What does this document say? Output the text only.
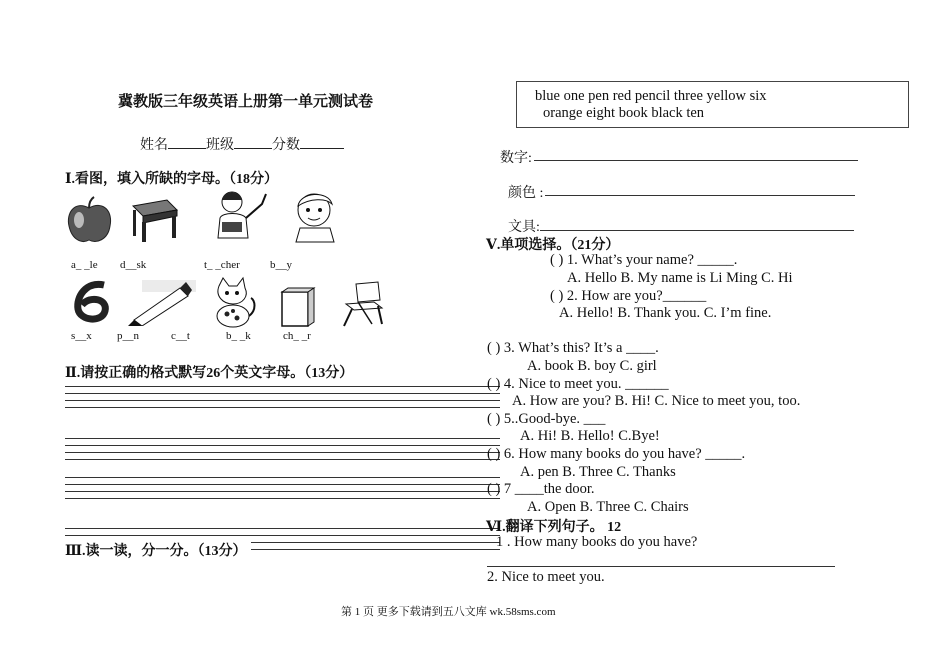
冀教版三年级英语上册第一单元测试卷
姓名	班级	分数
Ⅰ.看图，填入所缺的字母。（18分）
a_ _le d__sk	t_ _cher	b__y
s__x p__n	c__t	b_ _k	ch_ _r
Ⅱ.请按正确的格式默写26个英文字母。（13分）
Ⅲ.读一读，分一分。（13分）
blue one pen red pencil three yellow six
orange eight book black ten
数字:
颜色 :
文具:
Ⅴ.单项选择。（21分）
( ) 1. What’s your name? _____.
A. Hello B. My name is Li Ming C. Hi
( ) 2. How are you?______
A. Hello! B. Thank you. C. I’m fine.
( ) 3. What’s this? It’s a ____.
A. book B. boy C. girl
( ) 4. Nice to meet you. ______
A. How are you? B. Hi! C. Nice to meet you, too.
( ) 5..Good-bye. ___
A. Hi! B. Hello! C.Bye!
( ) 6. How many books do you have? _____.
A. pen B. Three C. Thanks
( ) 7 ____the door.
A. Open B. Three C. Chairs
Ⅵ.翻译下列句子。 12
1 . How many books do you have?
2. Nice to meet you.
第 1 页 更多下载请到五八文库 wk.58sms.com
